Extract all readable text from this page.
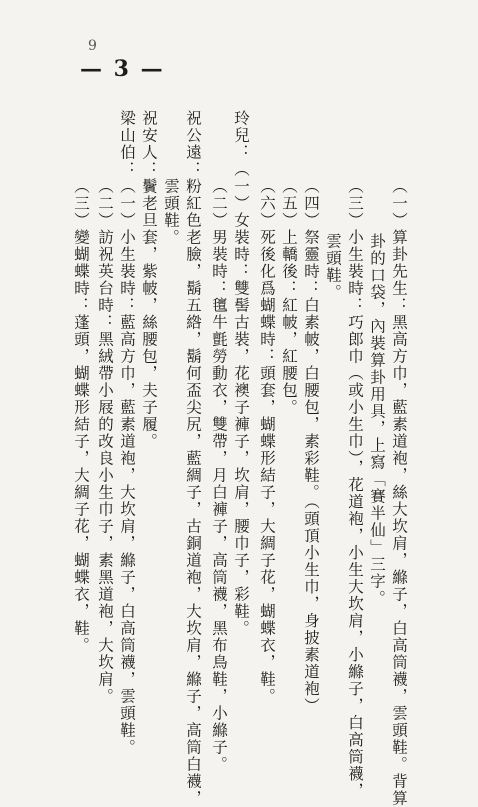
9
— 3 —
（一）算卦先生：黑高方巾，藍素道袍，絲大坎肩，縧子，白高筒襪，雲頭鞋。背算
卦的口袋，內裝算卦用具，上寫「賽半仙」三字。
（三）小生裝時：巧郎巾（或小生巾），花道袍，小生大坎肩，小縧子，白高筒襪，
雲頭鞋。
（四）祭靈時：白素帔，白腰包，素彩鞋。（頭頂小生巾，身披素道袍）
（五）上轎後：紅帔，紅腰包。
（六）死後化爲蝴蝶時：頭套，蝴蝶形結子，大綢子花，蝴蝶衣，鞋。
玲兒：（一）女裝時：雙髻古裝，花襖子褲子，坎肩，腰巾子，彩鞋。
（二）男裝時：氊牛氈勞動衣，雙帶，月白褲子，高筒襪，黑布鳥鞋，小縧子。
祝公遠：粉紅色老臉，鬍五綹，鬍何盃尖尻，藍綢子，古銅道袍，大坎肩，縧子，高筒白襪，
雲頭鞋。
祝安人：鬢老旦套，紫帔，絲腰包，夫子履。
梁山伯：（一）小生裝時：藍高方巾，藍素道袍，大坎肩，縧子，白高筒襪，雲頭鞋。
（二）訪祝英台時：黑絨帶小屐的改良小生巾子，素黑道袍，大坎肩。
（三）變蝴蝶時：蓬頭，蝴蝶形結子，大綢子花，蝴蝶衣，鞋。
